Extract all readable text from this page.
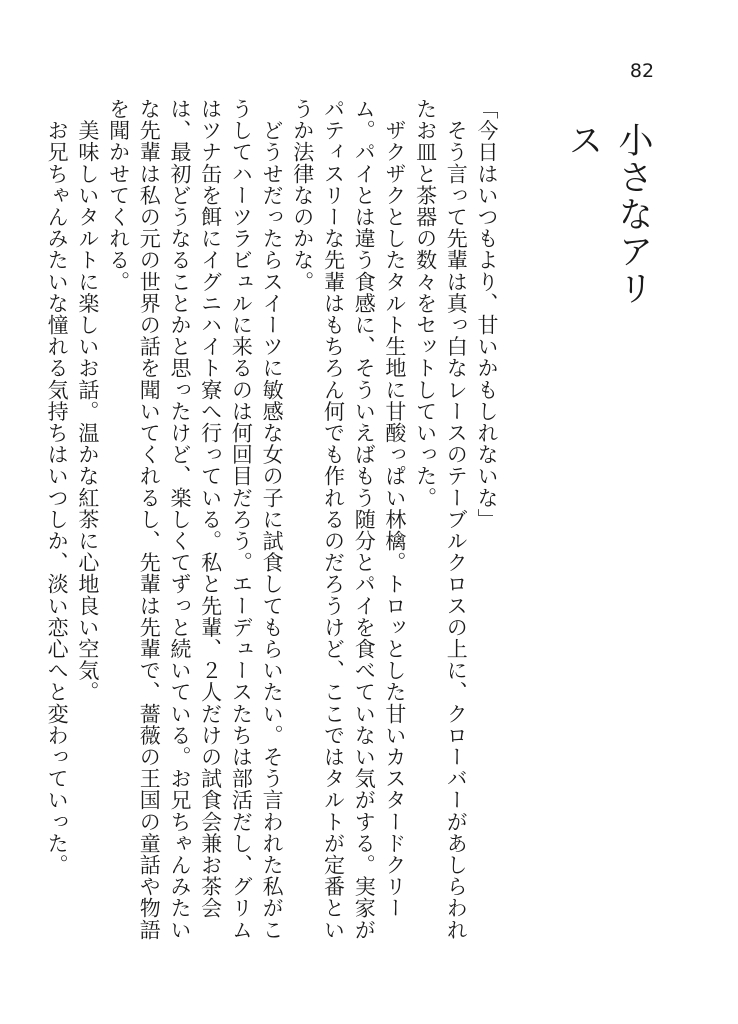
82
小さなアリス

「今日はいつもより、甘いかもしれないな」

　そう言って先輩は真っ白なレースのテーブルクロスの上に、クローバーがあしらわれたお皿と茶器の数々をセットしていった。

　ザクザクとしたタルト生地に甘酸っぱい林檎。トロッとした甘いカスタードクリーム。パイとは違う食感に、そういえばもう随分とパイを食べていない気がする。実家がパティスリーな先輩はもちろん何でも作れるのだろうけど、ここではタルトが定番というか法律なのかな。

　どうせだったらスイーツに敏感な女の子に試食してもらいたい。そう言われた私がこうしてハーツラビュルに来るのは何回目だろう。エーデュースたちは部活だし、グリムはツナ缶を餌にイグニハイト寮へ行っている。私と先輩、２人だけの試食会兼お茶会は、最初どうなることかと思ったけど、楽しくてずっと続いている。お兄ちゃんみたいな先輩は私の元の世界の話を聞いてくれるし、先輩は先輩で、薔薇の王国の童話や物語を聞かせてくれる。

　美味しいタルトに楽しいお話。温かな紅茶に心地良い空気。

　お兄ちゃんみたいな憧れる気持ちはいつしか、淡い恋心へと変わっていった。
